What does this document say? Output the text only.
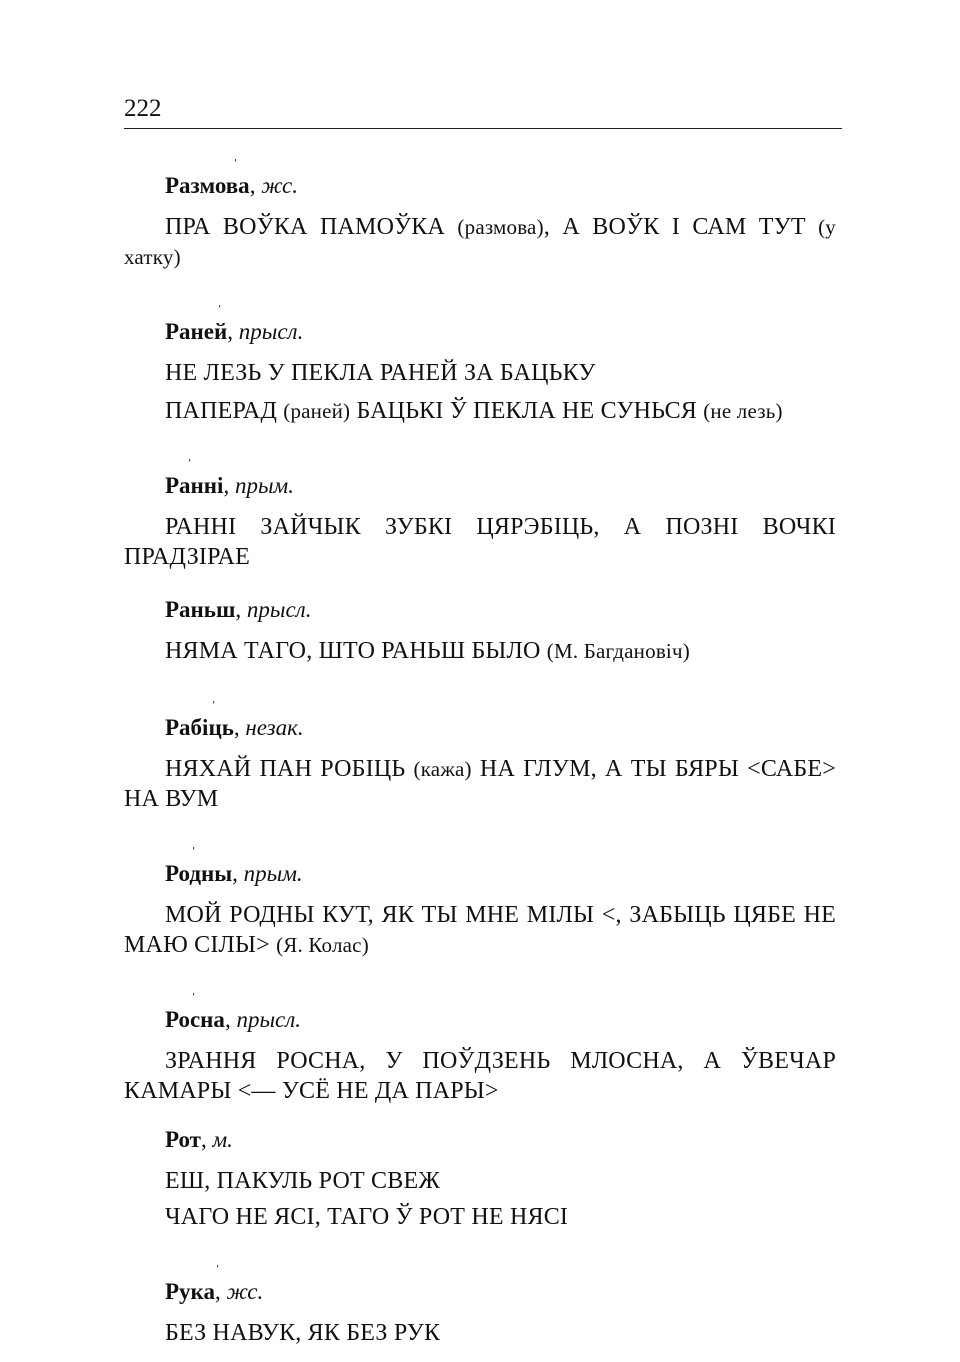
222

ˈ
Размова, жс.

ПРА ВОЎКА ПАМОЎКА (размова), А ВОЎК І САМ ТУТ (у хатку)

ˈ
Раней, прысл.

НЕ ЛЕЗЬ У ПЕКЛА РАНЕЙ ЗА БАЦЬКУ

ПАПЕРАД (раней) БАЦЬКІ Ў ПЕКЛА НЕ СУНЬСЯ (не лезь)

ˈ
Ранні, прым.

РАННІ ЗАЙЧЫК ЗУБКІ ЦЯРЭБІЦЬ, А ПОЗНІ ВОЧКІ ПРАДЗІРАЕ

Раньш, прысл.

НЯМА ТАГО, ШТО РАНЬШ БЫЛО (М. Багдановіч)

ˈ
Рабіць, незак.

НЯХАЙ ПАН РОБІЦЬ (кажа) НА ГЛУМ, А ТЫ БЯРЫ <САБЕ> НА ВУМ

ˈ
Родны, прым.

МОЙ РОДНЫ КУТ, ЯК ТЫ МНЕ МІЛЫ <, ЗАБЫЦЬ ЦЯБЕ НЕ МАЮ СІЛЫ> (Я. Колас)

ˈ
Росна, прысл.

ЗРАННЯ РОСНА, У ПОЎДЗЕНЬ МЛОСНА, А ЎВЕЧАР КАМАРЫ <— УСЁ НЕ ДА ПАРЫ>

Рот, м.

ЕШ, ПАКУЛЬ РОТ СВЕЖ

ЧАГО НЕ ЯСІ, ТАГО Ў РОТ НЕ НЯСІ

ˈ
Рука, жс.

БЕЗ НАВУК, ЯК БЕЗ РУК
